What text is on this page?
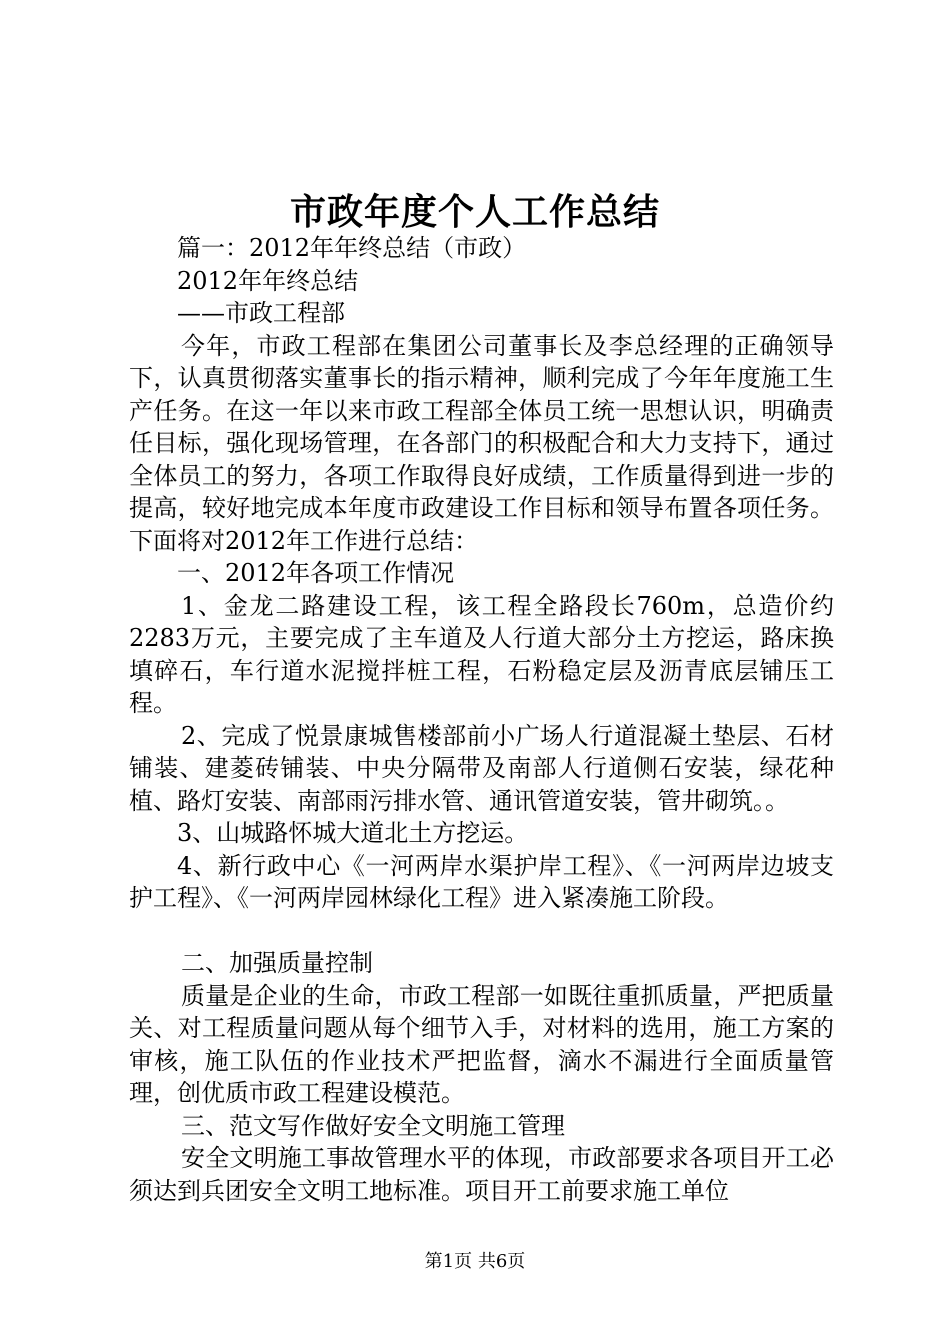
市政年度个人工作总结

篇一：2012年年终总结（市政）

2012年年终总结

——市政工程部

今年，市政工程部在集团公司董事长及李总经理的正确领导下，认真贯彻落实董事长的指示精神，顺利完成了今年年度施工生产任务。在这一年以来市政工程部全体员工统一思想认识，明确责任目标，强化现场管理，在各部门的积极配合和大力支持下，通过全体员工的努力，各项工作取得良好成绩，工作质量得到进一步的提高，较好地完成本年度市政建设工作目标和领导布置各项任务。下面将对2012年工作进行总结：

一、2012年各项工作情况

1、金龙二路建设工程，该工程全路段长760m，总造价约2283万元，主要完成了主车道及人行道大部分土方挖运，路床换填碎石，车行道水泥搅拌桩工程，石粉稳定层及沥青底层铺压工程。

2、完成了悦景康城售楼部前小广场人行道混凝土垫层、石材铺装、建菱砖铺装、中央分隔带及南部人行道侧石安装，绿花种植、路灯安装、南部雨污排水管、通讯管道安装，管井砌筑。。

3、山城路怀城大道北土方挖运。

4、新行政中心《一河两岸水渠护岸工程》、《一河两岸边坡支护工程》、《一河两岸园林绿化工程》进入紧凑施工阶段。

二、加强质量控制

质量是企业的生命，市政工程部一如既往重抓质量，严把质量关、对工程质量问题从每个细节入手，对材料的选用，施工方案的审核，施工队伍的作业技术严把监督，滴水不漏进行全面质量管理，创优质市政工程建设模范。

三、范文写作做好安全文明施工管理

安全文明施工事故管理水平的体现，市政部要求各项目开工必须达到兵团安全文明工地标准。项目开工前要求施工单位

第1页 共6页
